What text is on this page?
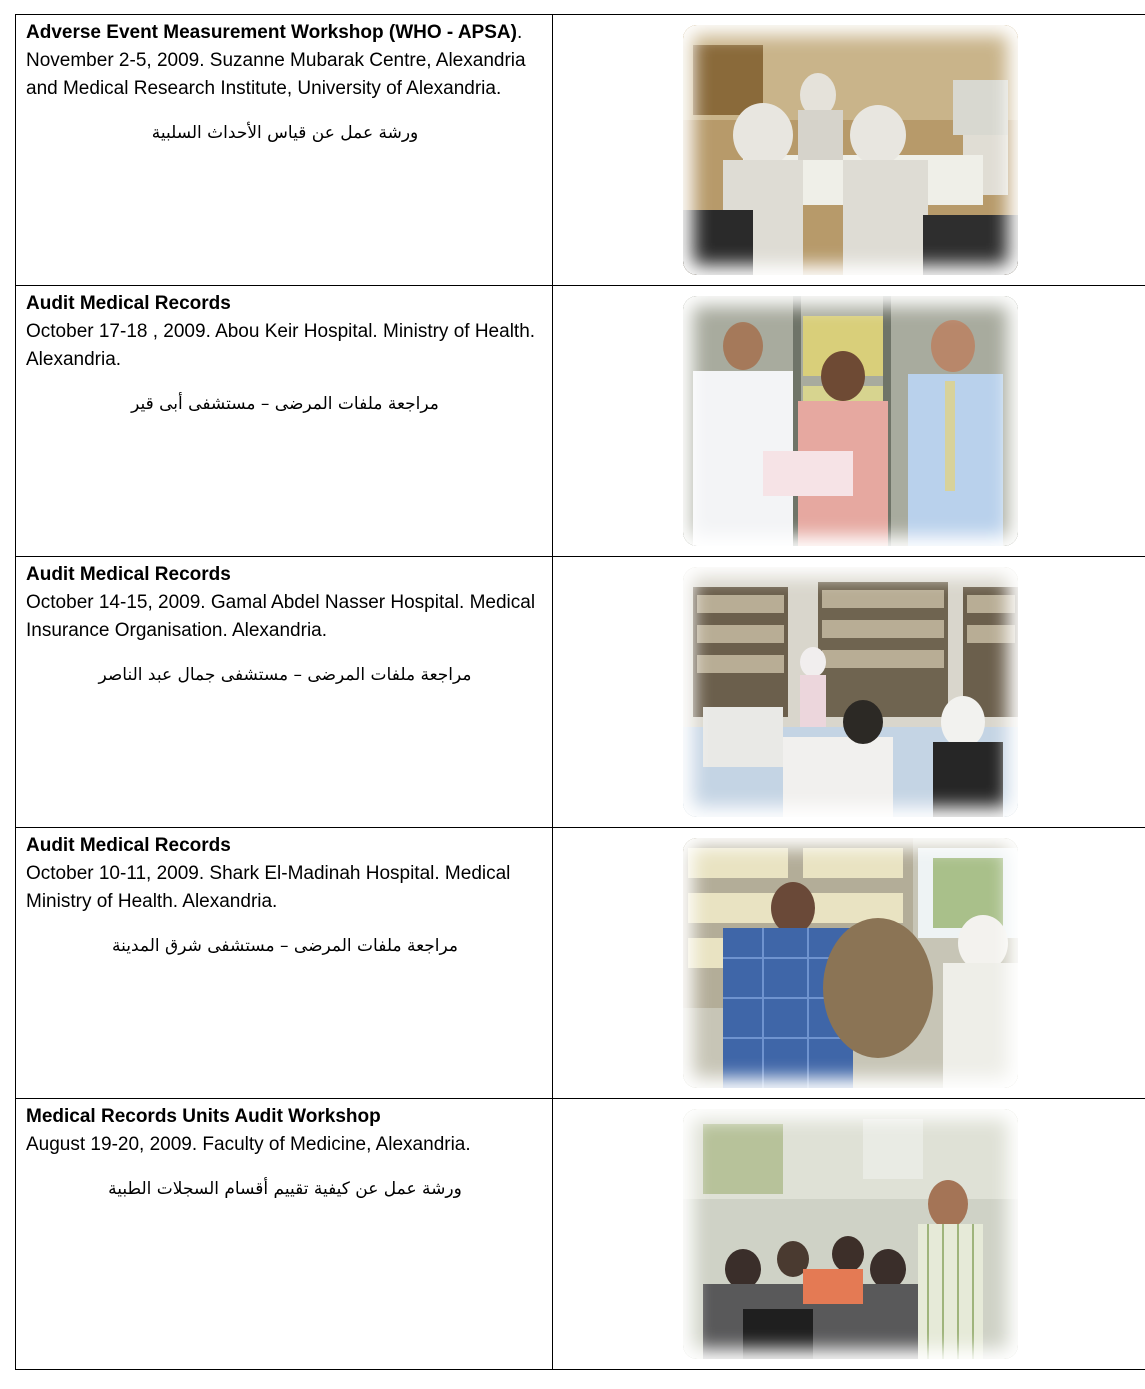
Adverse Event Measurement Workshop (WHO - APSA).
November 2-5, 2009. Suzanne Mubarak Centre, Alexandria and Medical Research Institute, University of Alexandria.
ورشة عمل عن قياس الأحداث السلبية

Audit Medical Records
October 17-18 , 2009. Abou Keir Hospital. Ministry of Health. Alexandria.
مراجعة ملفات المرضى – مستشفى أبى قير

Audit Medical Records
October 14-15, 2009. Gamal Abdel Nasser Hospital. Medical Insurance Organisation. Alexandria.
مراجعة ملفات المرضى – مستشفى جمال عبد الناصر

Audit Medical Records
October 10-11, 2009. Shark El-Madinah Hospital. Medical Ministry of Health. Alexandria.
مراجعة ملفات المرضى – مستشفى شرق المدينة

Medical Records Units Audit Workshop
August 19-20, 2009. Faculty of Medicine, Alexandria.
ورشة عمل عن كيفية تقييم أقسام السجلات الطبية
